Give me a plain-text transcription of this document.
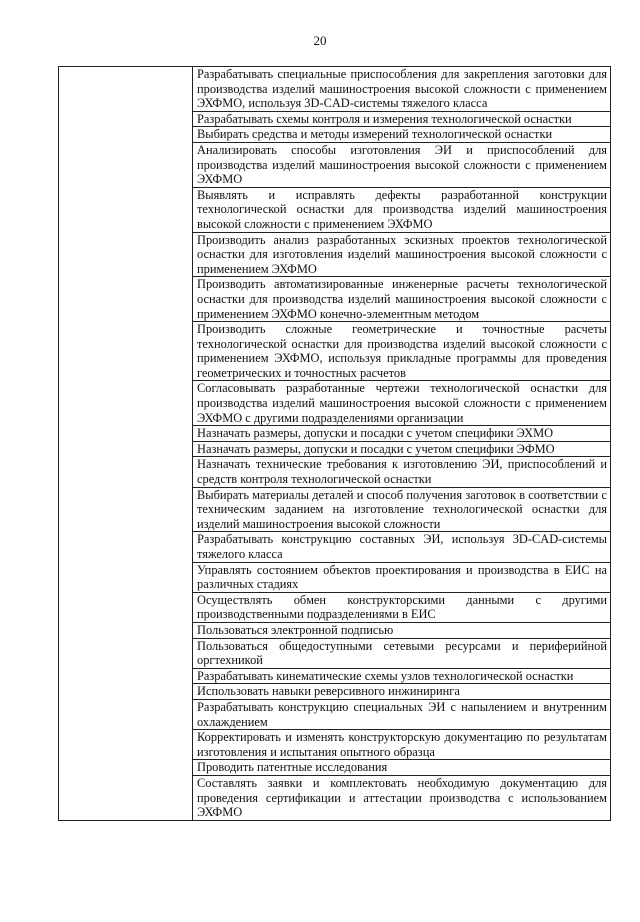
20
	Разрабатывать специальные приспособления для закрепления заготовки для производства изделий машиностроения высокой сложности с применением ЭХФМО, используя 3D-CAD-системы тяжелого класса
Разрабатывать схемы контроля и измерения технологической оснастки
Выбирать средства и методы измерений технологической оснастки
Анализировать способы изготовления ЭИ и приспособлений для производства изделий машиностроения высокой сложности с применением ЭХФМО
Выявлять и исправлять дефекты разработанной конструкции технологической оснастки для производства изделий машиностроения высокой сложности с применением ЭХФМО
Производить анализ разработанных эскизных проектов технологической оснастки для изготовления изделий машиностроения высокой сложности с применением ЭХФМО
Производить автоматизированные инженерные расчеты технологической оснастки для производства изделий машиностроения высокой сложности с применением ЭХФМО конечно-элементным методом
Производить сложные геометрические и точностные расчеты технологической оснастки для производства изделий высокой сложности с применением ЭХФМО, используя прикладные программы для проведения геометрических и точностных расчетов
Согласовывать разработанные чертежи технологической оснастки для производства изделий машиностроения высокой сложности с применением ЭХФМО с другими подразделениями организации
Назначать размеры, допуски и посадки с учетом специфики ЭХМО
Назначать размеры, допуски и посадки с учетом специфики ЭФМО
Назначать технические требования к изготовлению ЭИ, приспособлений и средств контроля технологической оснастки
Выбирать материалы деталей и способ получения заготовок в соответствии с техническим заданием на изготовление технологической оснастки для изделий машиностроения высокой сложности
Разрабатывать конструкцию составных ЭИ, используя 3D-CAD-системы тяжелого класса
Управлять состоянием объектов проектирования и производства в ЕИС на различных стадиях
Осуществлять обмен конструкторскими данными с другими производственными подразделениями в ЕИС
Пользоваться электронной подписью
Пользоваться общедоступными сетевыми ресурсами и периферийной оргтехникой
Разрабатывать кинематические схемы узлов технологической оснастки
Использовать навыки реверсивного инжиниринга
Разрабатывать конструкцию специальных ЭИ с напылением и внутренним охлаждением
Корректировать и изменять конструкторскую документацию по результатам изготовления и испытания опытного образца
Проводить патентные исследования
Составлять заявки и комплектовать необходимую документацию для проведения сертификации и аттестации производства с использованием ЭХФМО
